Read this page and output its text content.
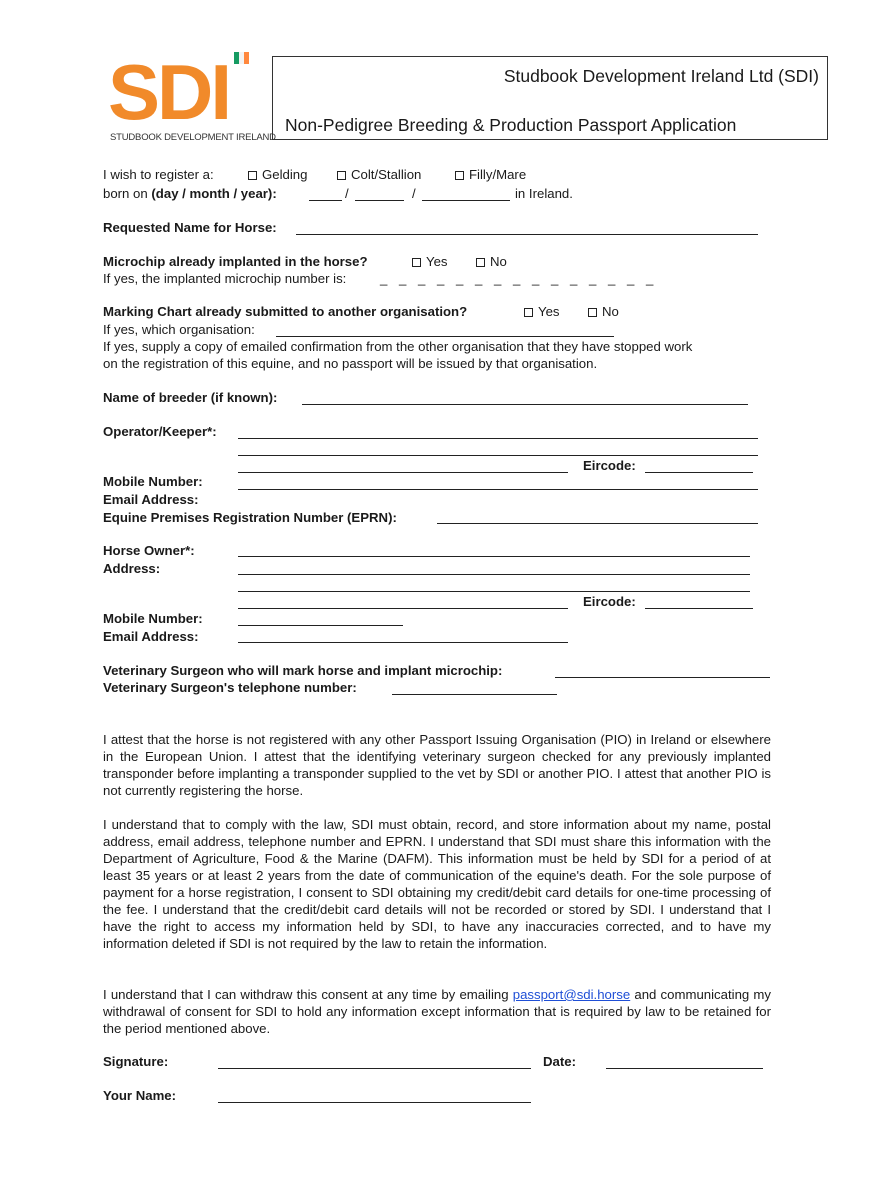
SDI
STUDBOOK DEVELOPMENT IRELAND
Studbook Development Ireland Ltd (SDI)
Non-Pedigree Breeding & Production Passport Application
I wish to register a:	Gelding	Colt/Stallion	Filly/Mare
born on (day / month / year):	/	/	in Ireland.
Requested Name for Horse:
Microchip already implanted in the horse?	Yes	No
If yes, the implanted microchip number is:	_ _ _ _ _ _ _ _ _ _ _ _ _ _ _
Marking Chart already submitted to another organisation?	Yes	No
If yes, which organisation:
If yes, supply a copy of emailed confirmation from the other organisation that they have stopped work
on the registration of this equine, and no passport will be issued by that organisation.
Name of breeder (if known):
Operator/Keeper*:
Eircode:
Mobile Number:
Email Address:
Equine Premises Registration Number (EPRN):
Horse Owner*:
Address:
Eircode:
Mobile Number:
Email Address:
Veterinary Surgeon who will mark horse and implant microchip:
Veterinary Surgeon's telephone number:
I attest that the horse is not registered with any other Passport Issuing Organisation (PIO) in Ireland or elsewhere in the European Union. I attest that the identifying veterinary surgeon checked for any previously implanted transponder before implanting a transponder supplied to the vet by SDI or another PIO. I attest that another PIO is not currently registering the horse.
I understand that to comply with the law, SDI must obtain, record, and store information about my name, postal address, email address, telephone number and EPRN. I understand that SDI must share this information with the Department of Agriculture, Food & the Marine (DAFM). This information must be held by SDI for a period of at least 35 years or at least 2 years from the date of communication of the equine's death. For the sole purpose of payment for a horse registration, I consent to SDI obtaining my credit/debit card details for one-time processing of the fee. I understand that the credit/debit card details will not be recorded or stored by SDI. I understand that I have the right to access my information held by SDI, to have any inaccuracies corrected, and to have my information deleted if SDI is not required by the law to retain the information.
I understand that I can withdraw this consent at any time by emailing passport@sdi.horse and communicating my withdrawal of consent for SDI to hold any information except information that is required by law to be retained for the period mentioned above.
Signature:	Date:
Your Name:
